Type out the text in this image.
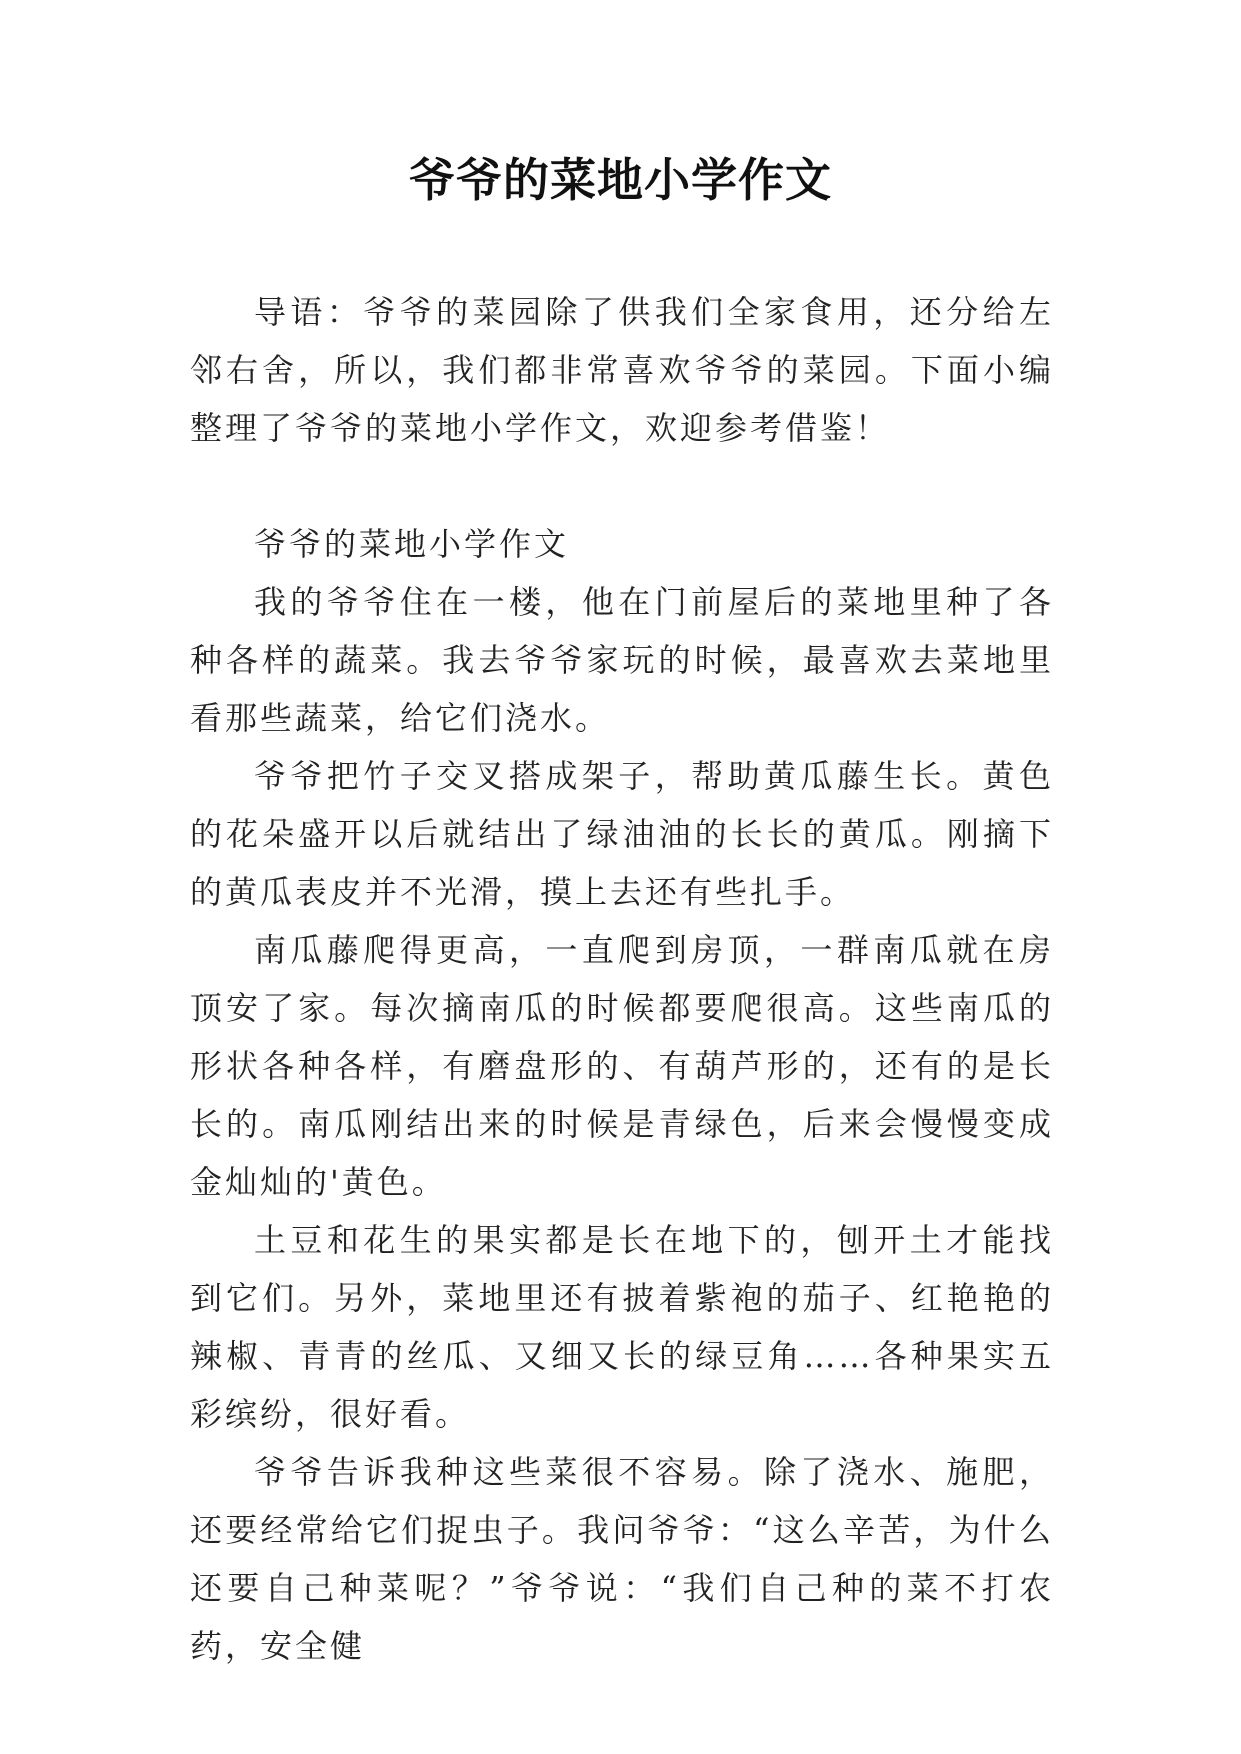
爷爷的菜地小学作文

导语：爷爷的菜园除了供我们全家食用，还分给左邻右舍，所以，我们都非常喜欢爷爷的菜园。下面小编整理了爷爷的菜地小学作文，欢迎参考借鉴！

爷爷的菜地小学作文

我的爷爷住在一楼，他在门前屋后的菜地里种了各种各样的蔬菜。我去爷爷家玩的时候，最喜欢去菜地里看那些蔬菜，给它们浇水。

爷爷把竹子交叉搭成架子，帮助黄瓜藤生长。黄色的花朵盛开以后就结出了绿油油的长长的黄瓜。刚摘下的黄瓜表皮并不光滑，摸上去还有些扎手。

南瓜藤爬得更高，一直爬到房顶，一群南瓜就在房顶安了家。每次摘南瓜的时候都要爬很高。这些南瓜的形状各种各样，有磨盘形的、有葫芦形的，还有的是长长的。南瓜刚结出来的时候是青绿色，后来会慢慢变成金灿灿的'黄色。

土豆和花生的果实都是长在地下的，刨开土才能找到它们。另外，菜地里还有披着紫袍的茄子、红艳艳的辣椒、青青的丝瓜、又细又长的绿豆角……各种果实五彩缤纷，很好看。

爷爷告诉我种这些菜很不容易。除了浇水、施肥，还要经常给它们捉虫子。我问爷爷：“这么辛苦，为什么还要自己种菜呢？”爷爷说：“我们自己种的菜不打农药，安全健
